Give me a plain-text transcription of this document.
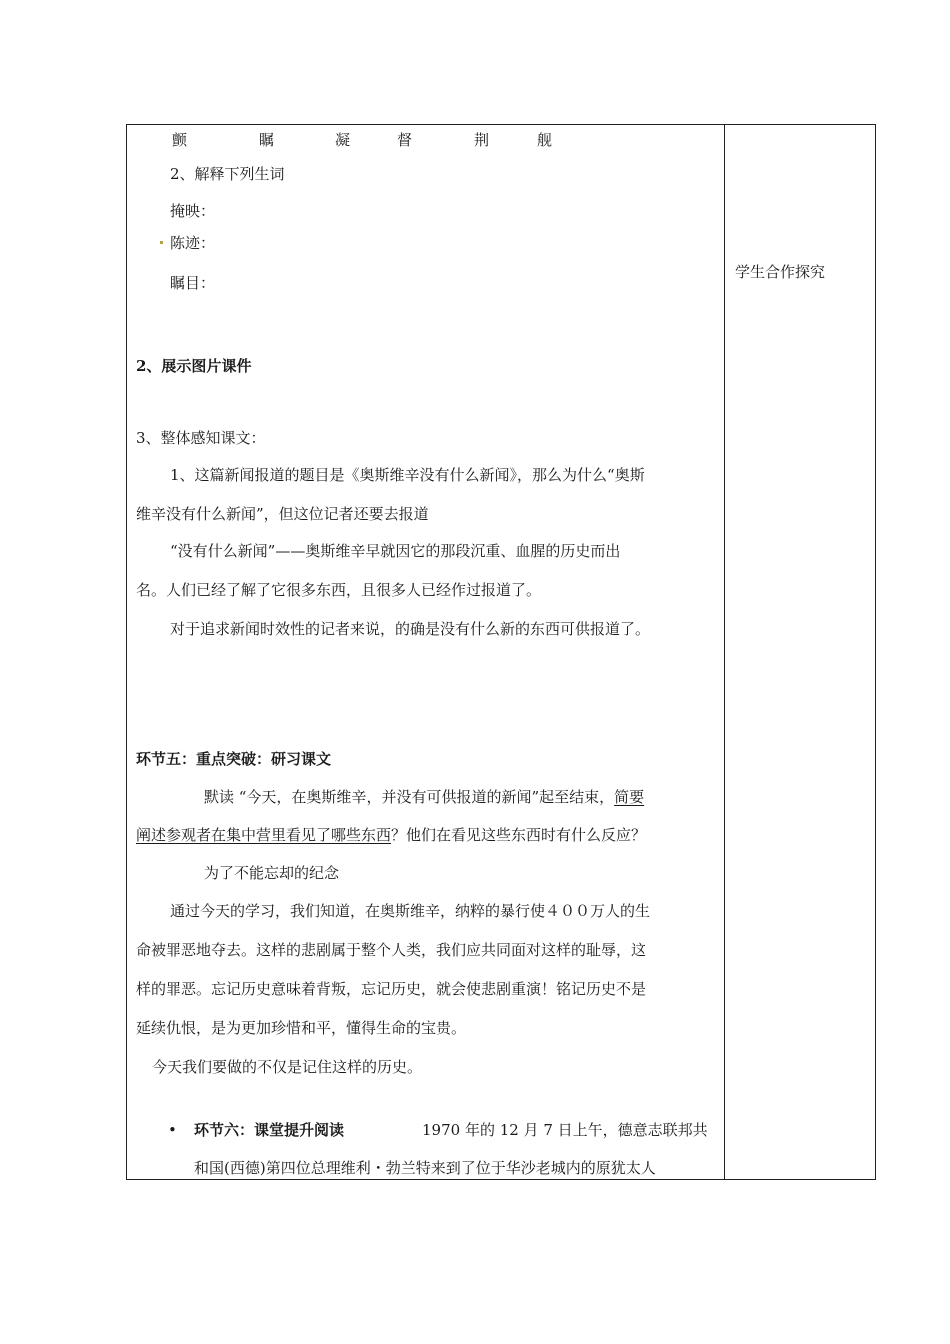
颤	瞩	凝	督	荆	舰
2、解释下列生词
掩映：
陈迹：
瞩目：
学生合作探究
2、展示图片课件
3、整体感知课文：
1、这篇新闻报道的题目是《奥斯维辛没有什么新闻》，那么为什么“奥斯
维辛没有什么新闻”，但这位记者还要去报道
“没有什么新闻”——奥斯维辛早就因它的那段沉重、血腥的历史而出
名。人们已经了解了它很多东西，且很多人已经作过报道了。
对于追求新闻时效性的记者来说，的确是没有什么新的东西可供报道了。
环节五：重点突破：研习课文
默读 “今天，在奥斯维辛，并没有可供报道的新闻”起至结束，简要
阐述参观者在集中营里看见了哪些东西？他们在看见这些东西时有什么反应？
为了不能忘却的纪念
通过今天的学习，我们知道，在奥斯维辛，纳粹的暴行使４００万人的生
命被罪恶地夺去。这样的悲剧属于整个人类，我们应共同面对这样的耻辱，这
样的罪恶。忘记历史意味着背叛，忘记历史，就会使悲剧重演！铭记历史不是
延续仇恨，是为更加珍惜和平，懂得生命的宝贵。
今天我们要做的不仅是记住这样的历史。
• 环节六：课堂提升阅读	1970 年的 12 月 7 日上午，德意志联邦共
和国(西德)第四位总理维利・勃兰特来到了位于华沙老城内的原犹太人
